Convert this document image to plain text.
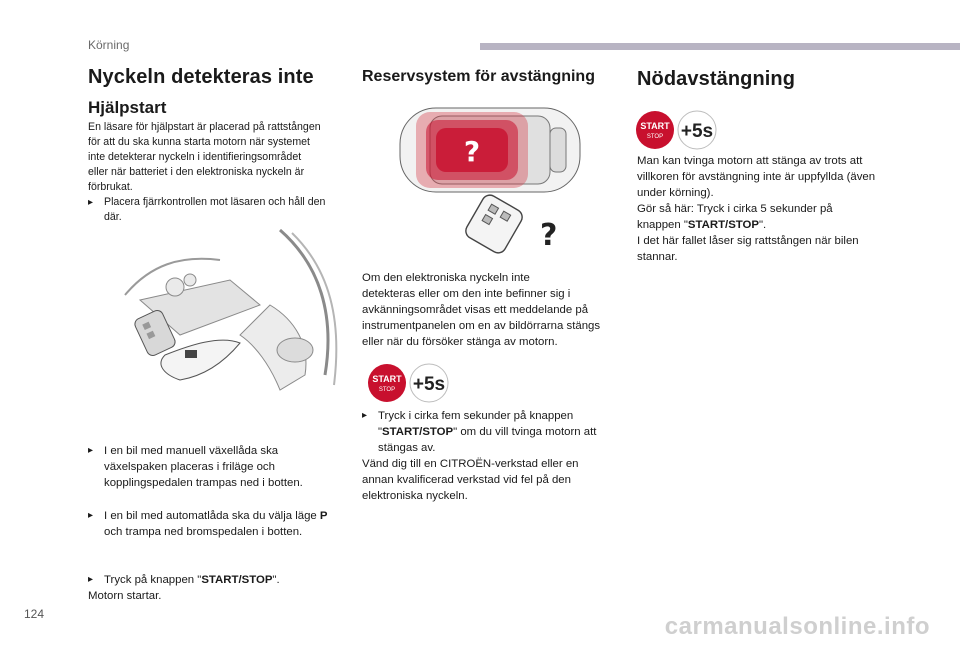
Körning
Nyckeln detekteras inte
Hjälpstart

En läsare för hjälpstart är placerad på rattstången

för att du ska kunna starta motorn när systemet

inte detekterar nyckeln i identifieringsområdet

eller när batteriet i den elektroniska nyckeln är

förbrukat.

▸	Placera fjärrkontrollen mot läsaren och håll den
där.
▸ I en bil med manuell växellåda ska
växelspaken placeras i friläge och
kopplingspedalen trampas ned i botten.
▸ I en bil med automatlåda ska du välja läge P
och trampa ned bromspedalen i botten.
▸ Tryck på knappen "START/STOP".

Motorn startar.

Reservsystem för avstängning
?
?

Om den elektroniska nyckeln inte

detekteras eller om den inte befinner sig i

avkänningsområdet visas ett meddelande på

instrumentpanelen om en av bildörrarna stängs

eller när du försöker stänga av motorn.

START
STOP +5s
▸ Tryck i cirka fem sekunder på knappen
"START/STOP" om du vill tvinga motorn att
stängas av.

Vänd dig till en CITROËN-verkstad eller en

annan kvalificerad verkstad vid fel på den

elektroniska nyckeln.

Nödavstängning
START
STOP +5s

Man kan tvinga motorn att stänga av trots att

villkoren för avstängning inte är uppfyllda (även

under körning).

Gör så här: Tryck i cirka 5 sekunder på

knappen "START/STOP".

I det här fallet låser sig rattstången när bilen

stannar.

124	carmanualsonline.info
